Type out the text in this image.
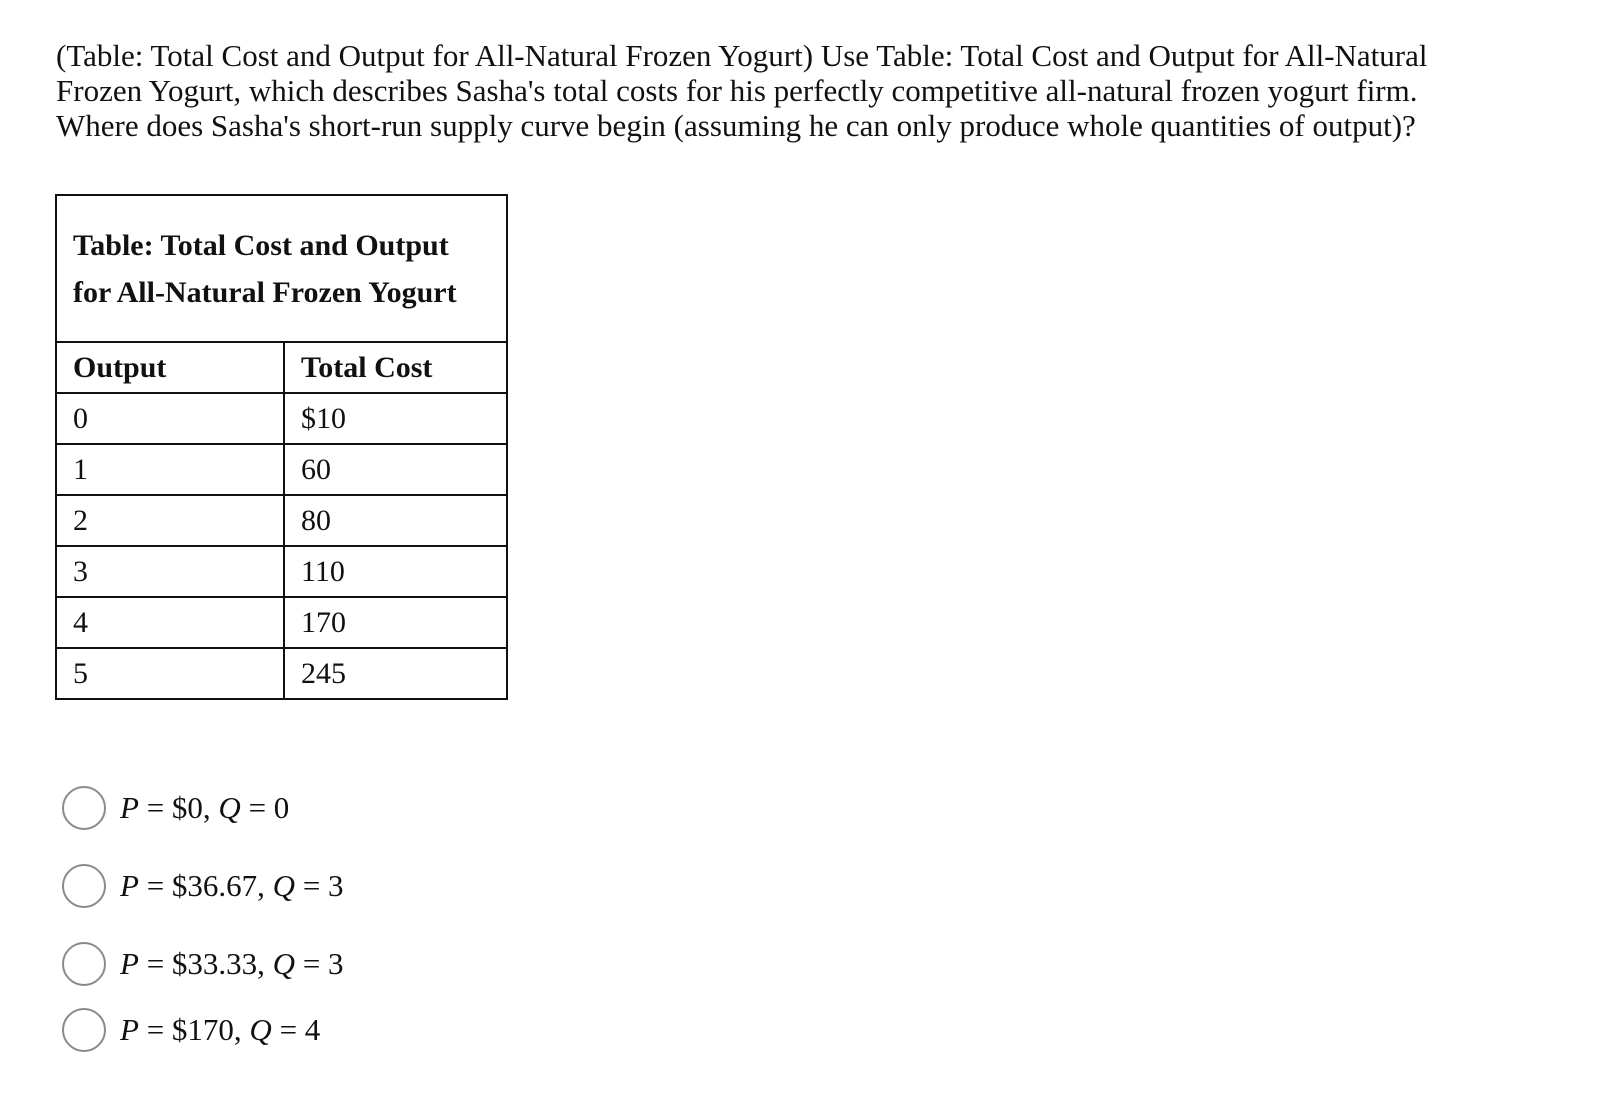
(Table: Total Cost and Output for All-Natural Frozen Yogurt) Use Table: Total Cost and Output for All-Natural Frozen Yogurt, which describes Sasha's total costs for his perfectly competitive all-natural frozen yogurt firm. Where does Sasha's short-run supply curve begin (assuming he can only produce whole quantities of output)?

Table: Total Cost and Output for All-Natural Frozen Yogurt	
Output	Total Cost
0	$10
1	60
2	80
3	110
4	170
5	245
P = $0, Q = 0
P = $36.67, Q = 3
P = $33.33, Q = 3
P = $170, Q = 4
